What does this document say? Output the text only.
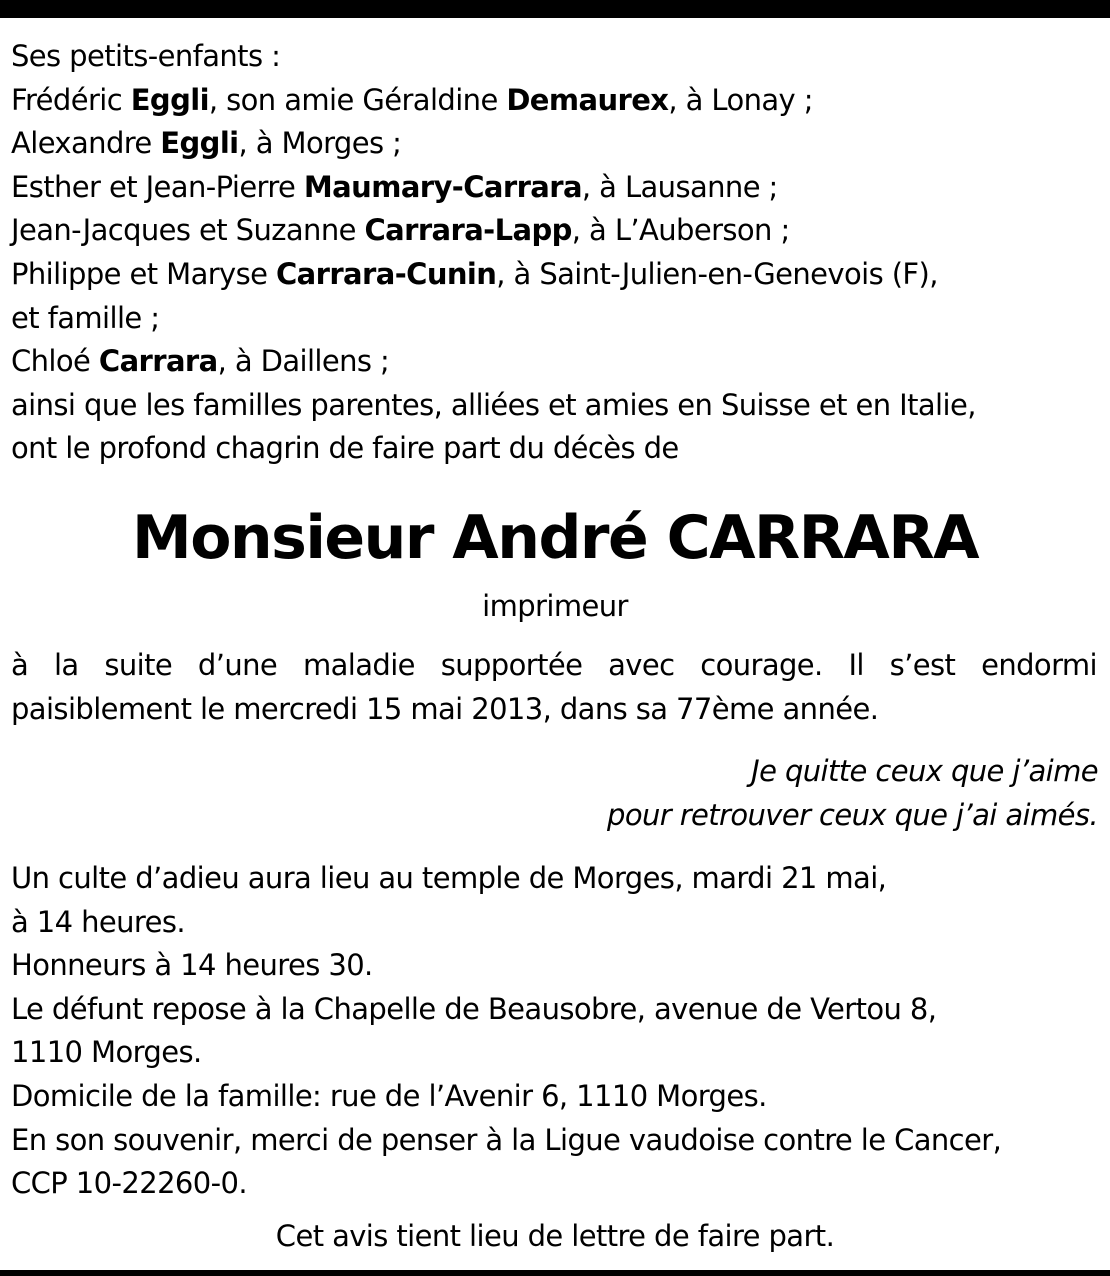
Ses petits-enfants :
Frédéric Eggli, son amie Géraldine Demaurex, à Lonay ;
Alexandre Eggli, à Morges ;
Esther et Jean-Pierre Maumary-Carrara, à Lausanne ;
Jean-Jacques et Suzanne Carrara-Lapp, à L’Auberson ;
Philippe et Maryse Carrara-Cunin, à Saint-Julien-en-Genevois (F),
et famille ;
Chloé Carrara, à Daillens ;
ainsi que les familles parentes, alliées et amies en Suisse et en Italie,
ont le profond chagrin de faire part du décès de
Monsieur André CARRARA
imprimeur
à la suite d’une maladie supportée avec courage. Il s’est endormi
paisiblement le mercredi 15 mai 2013, dans sa 77ème année.
Je quitte ceux que j’aime
pour retrouver ceux que j’ai aimés.
Un culte d’adieu aura lieu au temple de Morges, mardi 21 mai,
à 14 heures.
Honneurs à 14 heures 30.
Le défunt repose à la Chapelle de Beausobre, avenue de Vertou 8,
1110 Morges.
Domicile de la famille: rue de l’Avenir 6, 1110 Morges.
En son souvenir, merci de penser à la Ligue vaudoise contre le Cancer,
CCP 10-22260-0.
Cet avis tient lieu de lettre de faire part.
